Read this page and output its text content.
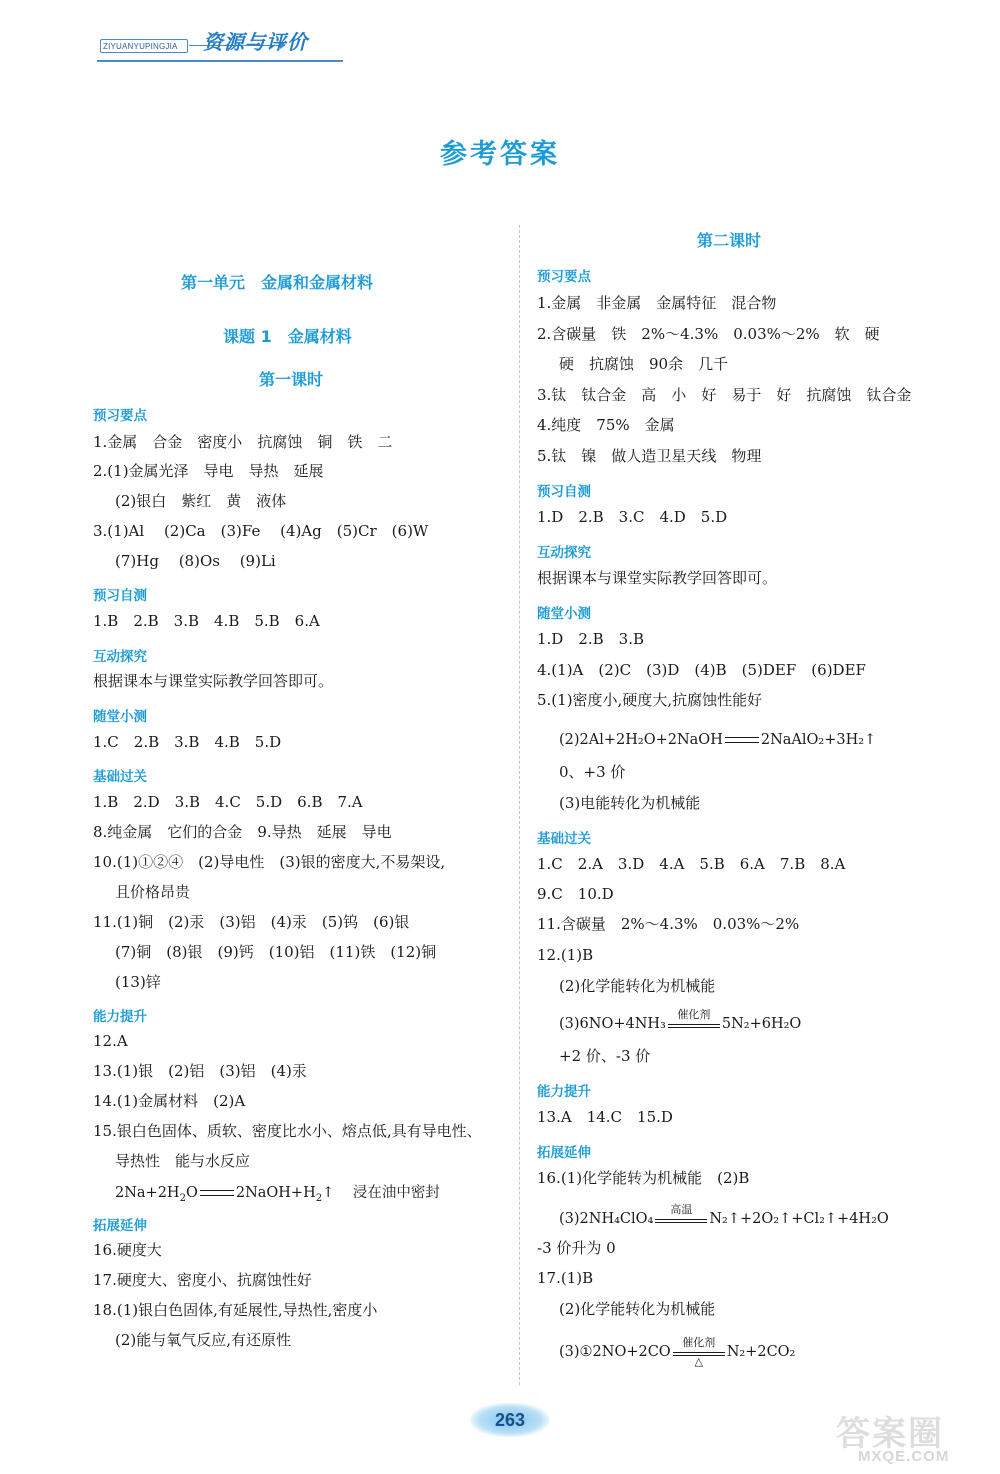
ZIYUANYUPINGJIA	资源与评价
参考答案
第一单元　金属和金属材料
课题 1　金属材料
第一课时
预习要点
1.金属　合金　密度小　抗腐蚀　铜　铁　二
2.(1)金属光泽　导电　导热　延展
(2)银白　紫红　黄　液体
3.(1)Al　 (2)Ca　(3)Fe　 (4)Ag　(5)Cr　(6)W
(7)Hg　 (8)Os　 (9)Li
预习自测
1.B　2.B　3.B　4.B　5.B　6.A
互动探究
根据课本与课堂实际教学回答即可。
随堂小测
1.C　2.B　3.B　4.B　5.D
基础过关
1.B　2.D　3.B　4.C　5.D　6.B　7.A
8.纯金属　它们的合金　9.导热　延展　导电
10.(1)①②④　(2)导电性　(3)银的密度大,不易架设,
且价格昂贵
11.(1)铜　(2)汞　(3)铝　(4)汞　(5)钨　(6)银
(7)铜　(8)银　(9)钙　(10)铝　(11)铁　(12)铜
(13)锌
能力提升
12.A
13.(1)银　(2)铝　(3)铝　(4)汞
14.(1)金属材料　(2)A
15.银白色固体、质软、密度比水小、熔点低,具有导电性、
导热性　能与水反应
$2Na+2H_2O$	$2NaOH+H_2↑$ 浸在油中密封
拓展延伸
16.硬度大
17.硬度大、密度小、抗腐蚀性好
18.(1)银白色固体,有延展性,导热性,密度小
(2)能与氧气反应,有还原性
第二课时
预习要点
1.金属　非金属　金属特征　混合物
2.含碳量　铁　2%～4.3%　0.03%～2%　软　硬
硬　抗腐蚀　90余　几千
3.钛　钛合金　高　小　好　易于　好　抗腐蚀　钛合金
4.纯度　75%　金属
5.钛　镍　做人造卫星天线　物理
预习自测
1.D　2.B　3.C　4.D　5.D
互动探究
根据课本与课堂实际教学回答即可。
随堂小测
1.D　2.B　3.B
4.(1)A　(2)C　(3)D　(4)B　(5)DEF　(6)DEF
5.(1)密度小,硬度大,抗腐蚀性能好
(2)2Al+2H₂O+2NaOH	2NaAlO₂+3H₂↑
0、+3 价
(3)电能转化为机械能
基础过关
1.C　2.A　3.D　4.A　5.B　6.A　7.B　8.A
9.C　10.D
11.含碳量　2%～4.3%　0.03%～2%
12.(1)B
(2)化学能转化为机械能
(3)6NO+4NH₃
催化剂
5N₂+6H₂O
+2 价、-3 价
能力提升
13.A　14.C　15.D
拓展延伸
16.(1)化学能转为机械能　(2)B
(3)2NH₄ClO₄
高温
N₂↑+2O₂↑+Cl₂↑+4H₂O
-3 价升为 0
17.(1)B
(2)化学能转化为机械能
(3)①2NO+2CO
催化剂
△
N₂+2CO₂
263	答案圈
MXQE.COM
